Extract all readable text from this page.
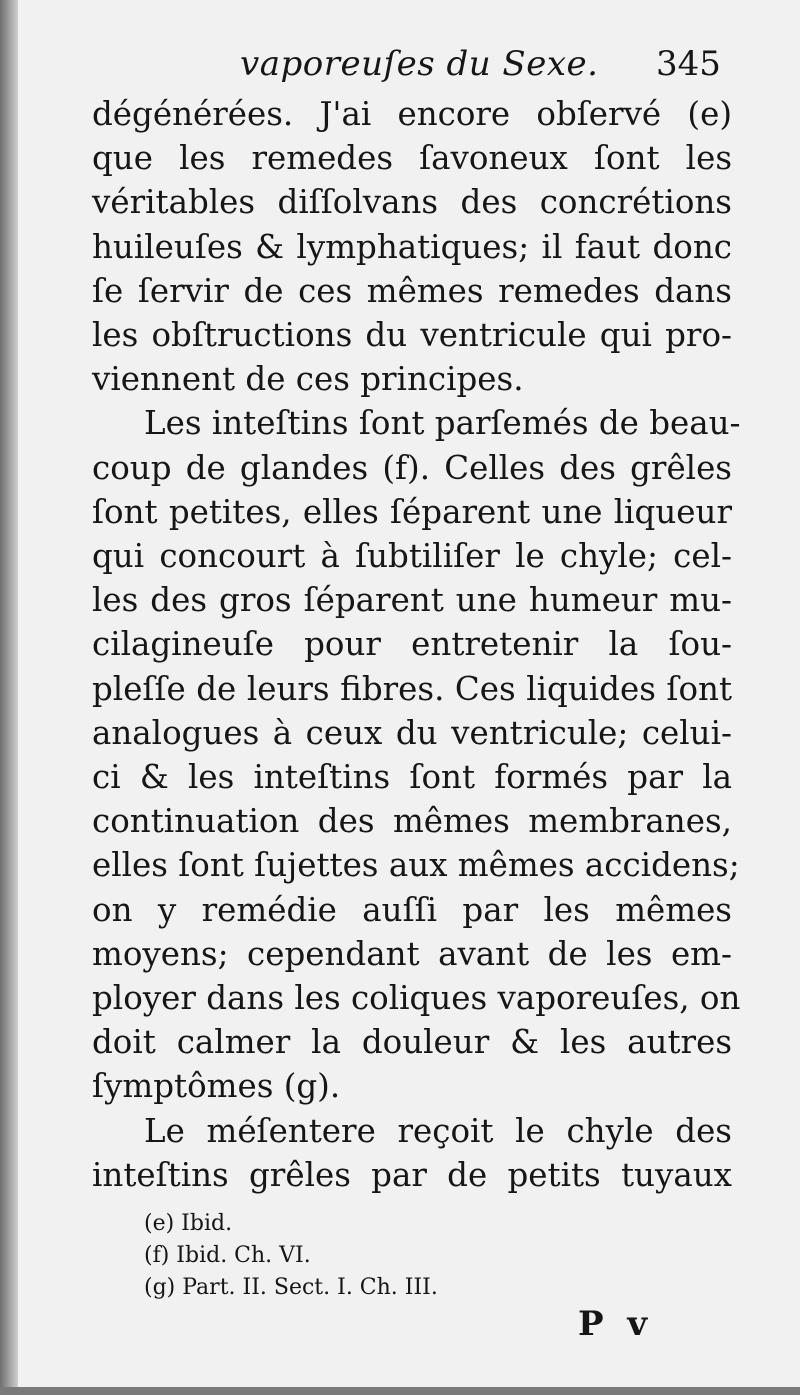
vaporeuſes du Sexe. 345
dégénérées. J'ai encore obſervé (e)
que les remedes ſavoneux ſont les
véritables diſſolvans des concrétions
huileuſes & lymphatiques; il faut donc
ſe ſervir de ces mêmes remedes dans
les obſtructions du ventricule qui pro-
viennent de ces principes.
Les inteſtins ſont parſemés de beau-
coup de glandes (f). Celles des grêles
ſont petites, elles ſéparent une liqueur
qui concourt à ſubtiliſer le chyle; cel-
les des gros ſéparent une humeur mu-
cilagineuſe pour entretenir la ſou-
pleſſe de leurs fibres. Ces liquides ſont
analogues à ceux du ventricule; celui-
ci & les inteſtins ſont formés par la
continuation des mêmes membranes,
elles ſont ſujettes aux mêmes accidens;
on y remédie auſſi par les mêmes
moyens; cependant avant de les em-
ployer dans les coliques vaporeuſes, on
doit calmer la douleur & les autres
ſymptômes (g).
Le méſentere reçoit le chyle des
inteſtins grêles par de petits tuyaux
(e) Ibid.
(f) Ibid. Ch. VI.
(g) Part. II. Sect. I. Ch. III.
P v
